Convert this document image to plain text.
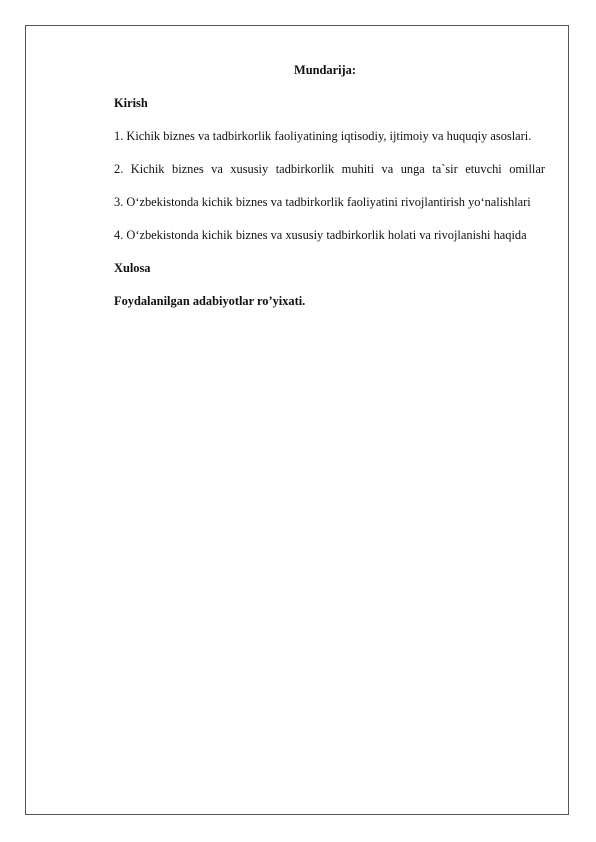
Mundarija:

Kirish

1. Kichik biznes va tadbirkorlik faoliyatining iqtisodiy, ijtimoiy va huquqiy asoslari.

2. Kichik biznes va xususiy tadbirkorlik muhiti va unga ta`sir etuvchi omillar

3. O‘zbekistonda kichik biznes va tadbirkorlik faoliyatini rivojlantirish yo‘nalishlari

4. O‘zbekistonda kichik biznes va xususiy tadbirkorlik holati va rivojlanishi haqida

Xulosa

Foydalanilgan adabiyotlar ro’yixati.
